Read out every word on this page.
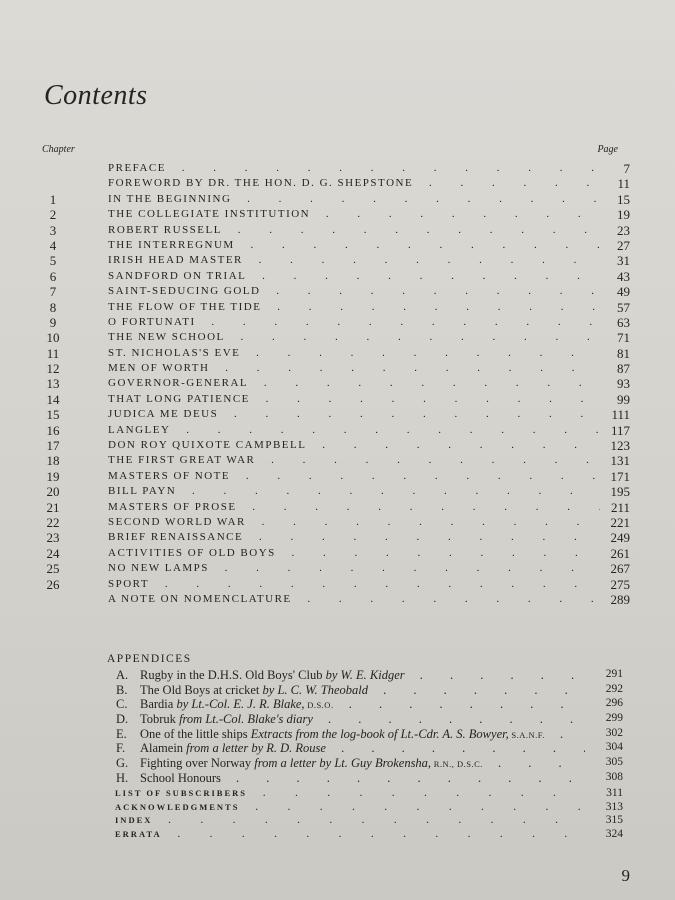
Contents
Chapter	Page
PREFACE . . .	7
FOREWORD BY DR. THE HON. D. G. SHEPSTONE . . .	11
1	IN THE BEGINNING . . .	15
2	THE COLLEGIATE INSTITUTION . . .	19
3	ROBERT RUSSELL . . .	23
4	THE INTERREGNUM . . .	27
5	IRISH HEAD MASTER . . .	31
6	SANDFORD ON TRIAL . . .	43
7	SAINT-SEDUCING GOLD . . .	49
8	THE FLOW OF THE TIDE . . .	57
9	O FORTUNATI . . .	63
10	THE NEW SCHOOL . . .	71
11	ST. NICHOLAS'S EVE . . .	81
12	MEN OF WORTH . . .	87
13	GOVERNOR-GENERAL . . .	93
14	THAT LONG PATIENCE . . .	99
15	JUDICA ME DEUS . . .	111
16	LANGLEY . . .	117
17	DON ROY QUIXOTE CAMPBELL . . .	123
18	THE FIRST GREAT WAR . . .	131
19	MASTERS OF NOTE . . .	171
20	BILL PAYN . . .	195
21	MASTERS OF PROSE . . .	211
22	SECOND WORLD WAR . . .	221
23	BRIEF RENAISSANCE . . .	249
24	ACTIVITIES OF OLD BOYS . . .	261
25	NO NEW LAMPS . . .	267
26	SPORT . . .	275
A NOTE ON NOMENCLATURE . . .	289
APPENDICES
A. Rugby in the D.H.S. Old Boys' Club by W. E. Kidger . . .	291
B.	The Old Boys at cricket by L. C. W. Theobald . . .	292
C.	Bardia by Lt.-Col. E. J. R. Blake, D.S.O. . . .	296
D. Tobruk from Lt.-Col. Blake's diary . . .	299
E.	One of the little ships Extracts from the log-book of Lt.-Cdr. A. S. Bowyer, S.A.N.F. . . .	302
F.	Alamein from a letter by R. D. Rouse . . .	304
G. Fighting over Norway from a letter by Lt. Guy Brokensha, R.N., D.S.C. . . .	305
H. School Honours . . .	308
LIST OF SUBSCRIBERS . . .	311
ACKNOWLEDGMENTS . . .	313
INDEX . . .	315
ERRATA . . .	324
9
